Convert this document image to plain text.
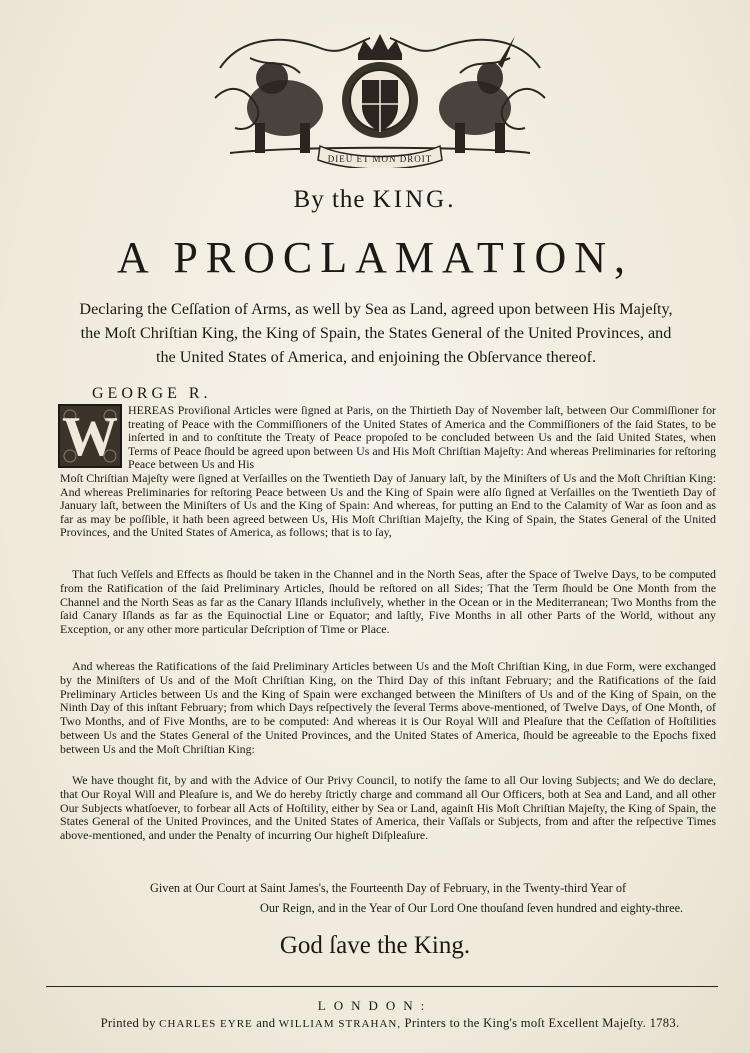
DIEU ET MON DROIT
By the KING.
A PROCLAMATION,
Declaring the Ceſſation of Arms, as well by Sea as Land, agreed upon between His Majeſty, the Moſt Chriſtian King, the King of Spain, the States General of the United Provinces, and the United States of America, and enjoining the Obſervance thereof.
GEORGE R.
W HEREAS Proviſional Articles were ſigned at Paris, on the Thirtieth Day of November laſt, between Our Commiſſioner for treating of Peace with the Commiſſioners of the United States of America and the Commiſſioners of the ſaid States, to be inſerted in and to conſtitute the Treaty of Peace propoſed to be concluded between Us and the ſaid United States, when Terms of Peace ſhould be agreed upon between Us and His Moſt Chriſtian Majeſty: And whereas Preliminaries for reſtoring Peace between Us and His
Moſt Chriſtian Majeſty were ſigned at Verſailles on the Twentieth Day of January laſt, by the Miniſters of Us and the Moſt Chriſtian King: And whereas Preliminaries for reſtoring Peace between Us and the King of Spain were alſo ſigned at Verſailles on the Twentieth Day of January laſt, between the Miniſters of Us and the King of Spain: And whereas, for putting an End to the Calamity of War as ſoon and as far as may be poſſible, it hath been agreed between Us, His Moſt Chriſtian Majeſty, the King of Spain, the States General of the United Provinces, and the United States of America, as follows; that is to ſay,
That ſuch Veſſels and Effects as ſhould be taken in the Channel and in the North Seas, after the Space of Twelve Days, to be computed from the Ratification of the ſaid Preliminary Articles, ſhould be reſtored on all Sides; That the Term ſhould be One Month from the Channel and the North Seas as far as the Canary Iſlands incluſively, whether in the Ocean or in the Mediterranean; Two Months from the ſaid Canary Iſlands as far as the Equinoctial Line or Equator; and laſtly, Five Months in all other Parts of the World, without any Exception, or any other more particular Deſcription of Time or Place.
And whereas the Ratifications of the ſaid Preliminary Articles between Us and the Moſt Chriſtian King, in due Form, were exchanged by the Miniſters of Us and of the Moſt Chriſtian King, on the Third Day of this inſtant February; and the Ratifications of the ſaid Preliminary Articles between Us and the King of Spain were exchanged between the Miniſters of Us and of the King of Spain, on the Ninth Day of this inſtant February; from which Days reſpectively the ſeveral Terms above-mentioned, of Twelve Days, of One Month, of Two Months, and of Five Months, are to be computed: And whereas it is Our Royal Will and Pleaſure that the Ceſſation of Hoſtilities between Us and the States General of the United Provinces, and the United States of America, ſhould be agreeable to the Epochs fixed between Us and the Moſt Chriſtian King:
We have thought fit, by and with the Advice of Our Privy Council, to notify the ſame to all Our loving Subjects; and We do declare, that Our Royal Will and Pleaſure is, and We do hereby ſtrictly charge and command all Our Officers, both at Sea and Land, and all other Our Subjects whatſoever, to forbear all Acts of Hoſtility, either by Sea or Land, againſt His Moſt Chriſtian Majeſty, the King of Spain, the States General of the United Provinces, and the United States of America, their Vaſſals or Subjects, from and after the reſpective Times above-mentioned, and under the Penalty of incurring Our higheſt Diſpleaſure.
Given at Our Court at Saint James's, the Fourteenth Day of February, in the Twenty-third Year of
Our Reign, and in the Year of Our Lord One thouſand ſeven hundred and eighty-three.
God ſave the King.
LONDON:
Printed by CHARLES EYRE and WILLIAM STRAHAN, Printers to the King's moſt Excellent Majeſty. 1783.
